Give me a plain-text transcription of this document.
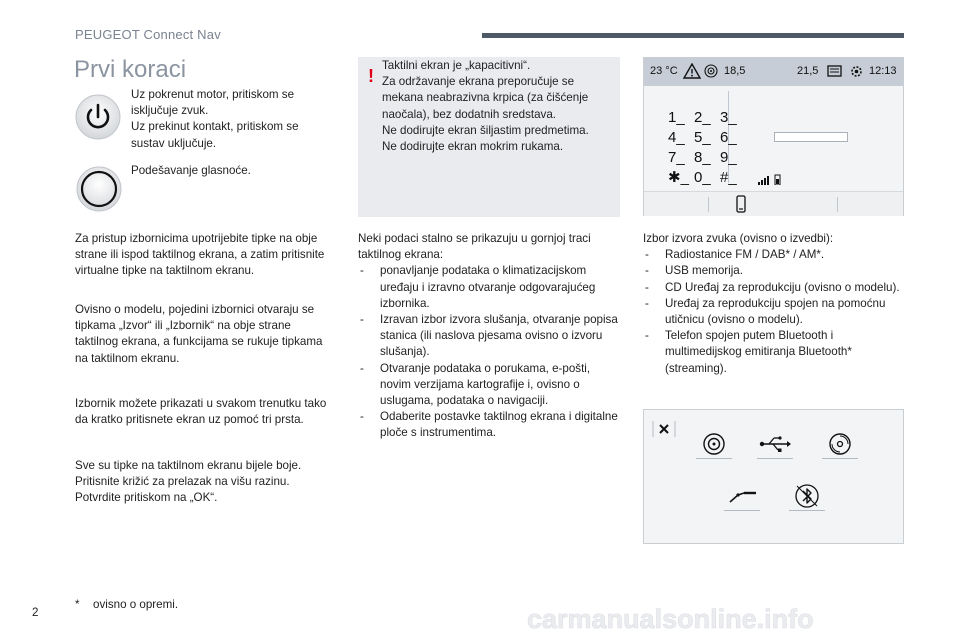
PEUGEOT Connect Nav
Prvi koraci
Uz pokrenut motor, pritiskom se isključuje zvuk.
Uz prekinut kontakt, pritiskom se sustav uključuje.
Podešavanje glasnoće.
Za pristup izbornicima upotrijebite tipke na obje strane ili ispod taktilnog ekrana, a zatim pritisnite virtualne tipke na taktilnom ekranu.
Ovisno o modelu, pojedini izbornici otvaraju se tipkama „Izvor“ ili „Izbornik“ na obje strane taktilnog ekrana, a funkcijama se rukuje tipkama na taktilnom ekranu.
Izbornik možete prikazati u svakom trenutku tako da kratko pritisnete ekran uz pomoć tri prsta.
Sve su tipke na taktilnom ekranu bijele boje.
Pritisnite križić za prelazak na višu razinu.
Potvrdite pritiskom na „OK“.
!
Taktilni ekran je „kapacitivni“.
Za održavanje ekrana preporučuje se mekana neabrazivna krpica (za čišćenje naočala), bez dodatnih sredstava.
Ne dodirujte ekran šiljastim predmetima.
Ne dodirujte ekran mokrim rukama.
Neki podaci stalno se prikazuju u gornjoj traci taktilnog ekrana:
- ponavljanje podataka o klimatizacijskom uređaju i izravno otvaranje odgovarajućeg izbornika.
- Izravan izbor izvora slušanja, otvaranje popisa stanica (ili naslova pjesama ovisno o izvoru slušanja).
- Otvaranje podataka o porukama, e-pošti, novim verzijama kartografije i, ovisno o uslugama, podataka o navigaciji.
- Odaberite postavke taktilnog ekrana i digitalne ploče s instrumentima.
Izbor izvora zvuka (ovisno o izvedbi):
- Radiostanice FM / DAB* / AM*.
- USB memorija.
- CD Uređaj za reprodukciju (ovisno o modelu).
- Uređaj za reprodukciju spojen na pomoćnu utičnicu (ovisno o modelu).
- Telefon spojen putem Bluetooth i multimedijskog emitiranja Bluetooth* (streaming).
23 °C	18,5	21,5	12:13
1_ 2_ 3_
4_ 5_ 6_
7_ 8_ 9_
✱_ 0_ #_
* ovisno o opremi.
2	carmanualsonline.info
